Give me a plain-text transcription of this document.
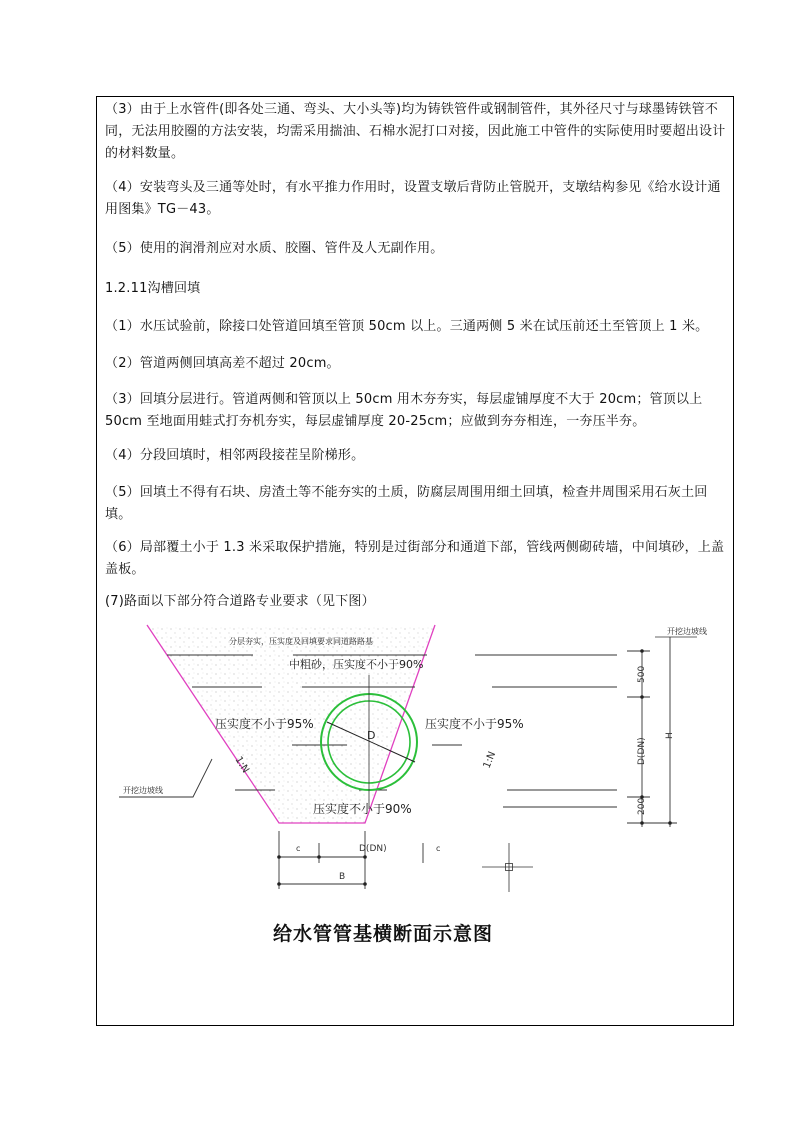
（3）由于上水管件(即各处三通、弯头、大小头等)均为铸铁管件或钢制管件，其外径尺寸与球墨铸铁管不同，无法用胶圈的方法安装，均需采用揣油、石棉水泥打口对接，因此施工中管件的实际使用时要超出设计的材料数量。

（4）安装弯头及三通等处时，有水平推力作用时，设置支墩后背防止管脱开，支墩结构参见《给水设计通用图集》TG－43。

（5）使用的润滑剂应对水质、胶圈、管件及人无副作用。

1.2.11沟槽回填

（1）水压试验前，除接口处管道回填至管顶 50cm 以上。三通两侧 5 米在试压前还土至管顶上 1 米。

（2）管道两侧回填高差不超过 20cm。

（3）回填分层进行。管道两侧和管顶以上 50cm 用木夯夯实，每层虚铺厚度不大于 20cm；管顶以上 50cm 至地面用蛙式打夯机夯实，每层虚铺厚度 20-25cm；应做到夯夯相连，一夯压半夯。

（4）分段回填时，相邻两段接茬呈阶梯形。

（5）回填土不得有石块、房渣土等不能夯实的土质，防腐层周围用细土回填，检查井周围采用石灰土回填。

（6）局部覆土小于 1.3 米采取保护措施，特别是过街部分和通道下部，管线两侧砌砖墙，中间填砂，上盖盖板。

(7)路面以下部分符合道路专业要求（见下图）

分层夯实，压实度及回填要求同道路路基
中粗砂，压实度不小于90%
压实度不小于95%	压实度不小于95%
压实度不小于90%
D
1:N	1:N
开挖边坡线
开挖边坡线
500
D(DN)
200
H
c	D(DN)	c
B
给水管管基横断面示意图
